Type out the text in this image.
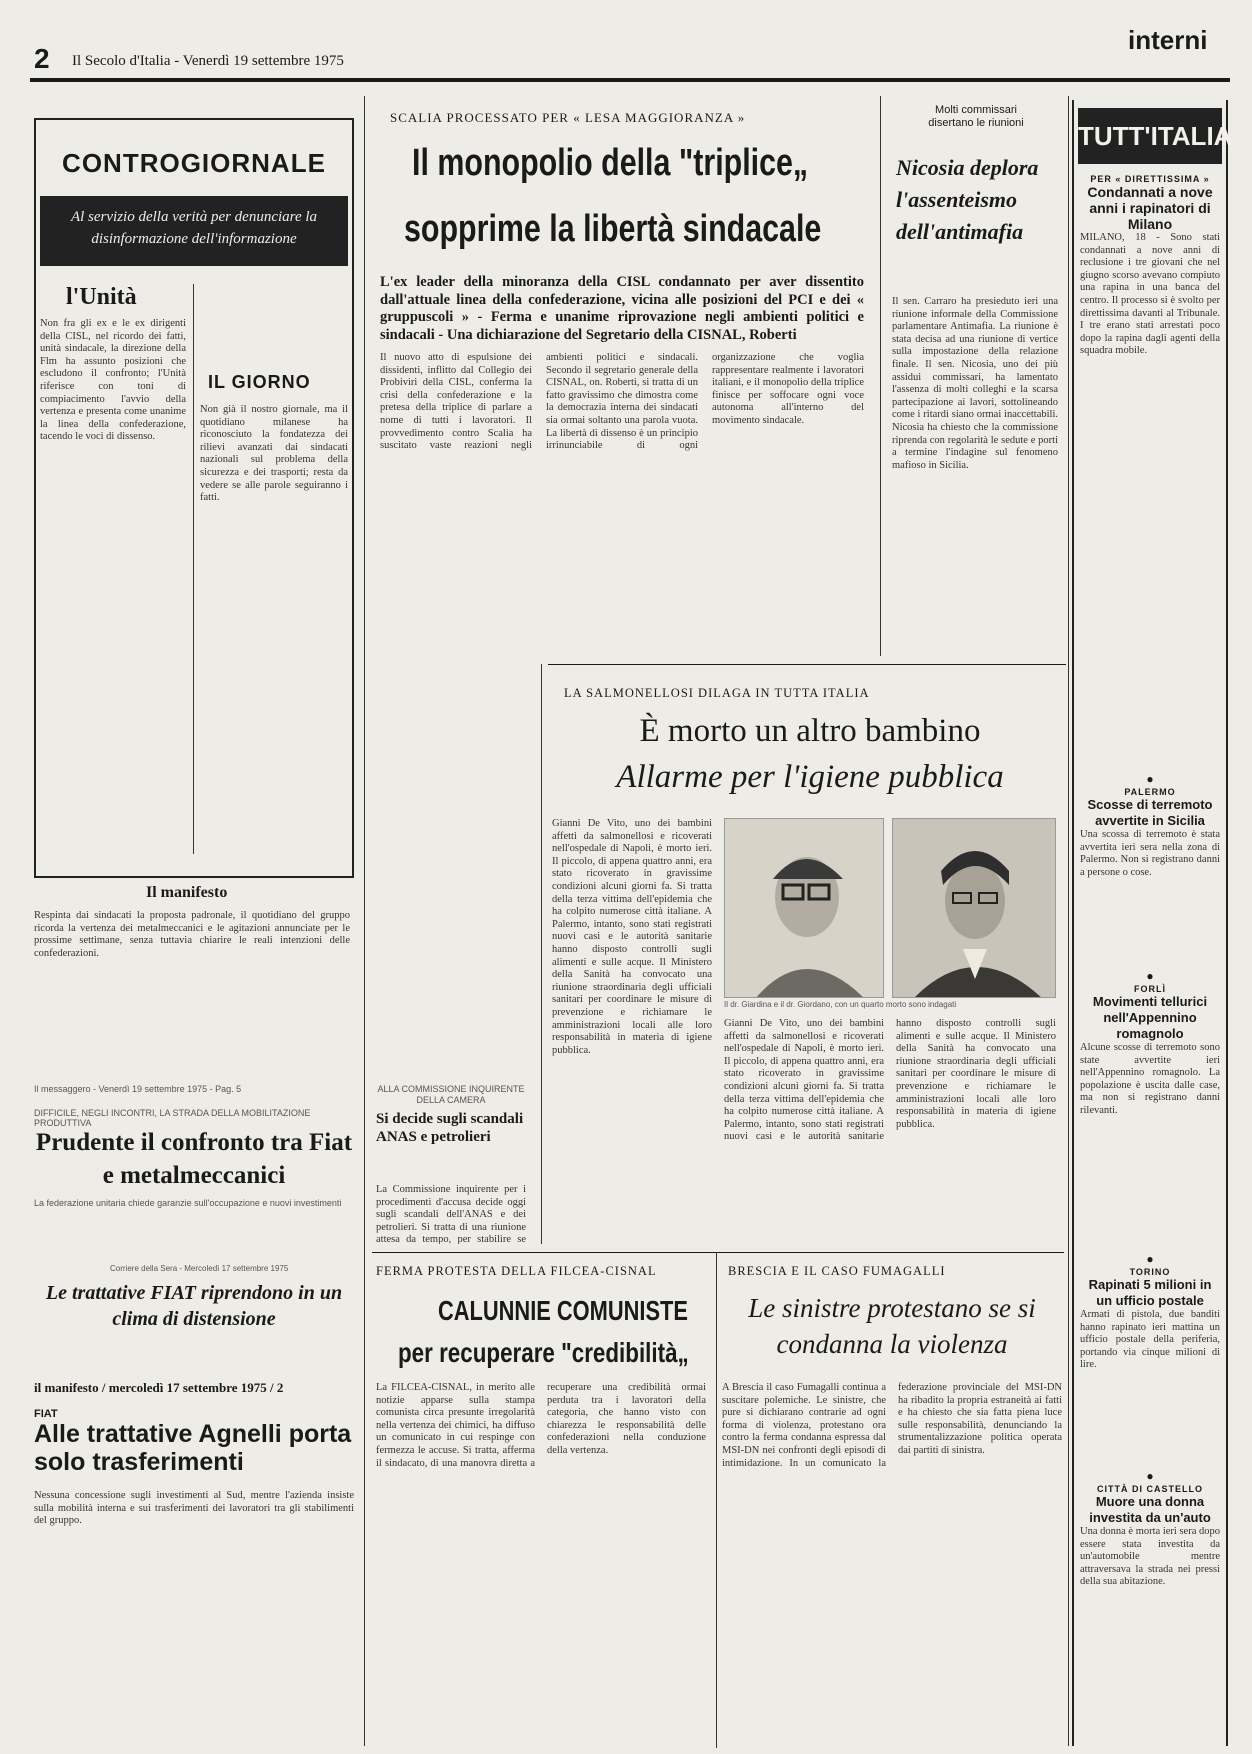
2 Il Secolo d'Italia - Venerdì 19 settembre 1975
interni
CONTROGIORNALE
Al servizio della verità per denunciare la disinformazione dell'informazione
l'Unità
Non fra gli ex e le ex dirigenti della CISL, nel ricordo dei fatti, unità sindacale, la direzione della Flm ha assunto posizioni che escludono il confronto; l'Unità riferisce con toni di compiacimento l'avvio della vertenza e presenta come unanime la linea della confederazione, tacendo le voci di dissenso.
IL GIORNO
Non già il nostro giornale, ma il quotidiano milanese ha riconosciuto la fondatezza dei rilievi avanzati dai sindacati nazionali sul problema della sicurezza e dei trasporti; resta da vedere se alle parole seguiranno i fatti.
Il manifesto
Respinta dai sindacati la proposta padronale, il quotidiano del gruppo ricorda la vertenza dei metalmeccanici e le agitazioni annunciate per le prossime settimane, senza tuttavia chiarire le reali intenzioni delle confederazioni.
Il messaggero - Venerdì 19 settembre 1975 - Pag. 5
DIFFICILE, NEGLI INCONTRI, LA STRADA DELLA MOBILITAZIONE PRODUTTIVA
Prudente il confronto tra Fiat e metalmeccanici
La federazione unitaria chiede garanzie sull'occupazione e nuovi investimenti
Corriere della Sera - Mercoledì 17 settembre 1975
Le trattative FIAT riprendono in un clima di distensione
il manifesto / mercoledì 17 settembre 1975 / 2
FIAT
Alle trattative Agnelli porta solo trasferimenti
Nessuna concessione sugli investimenti al Sud, mentre l'azienda insiste sulla mobilità interna e sui trasferimenti dei lavoratori tra gli stabilimenti del gruppo.
SCALIA PROCESSATO PER « LESA MAGGIORANZA »
Il monopolio della "triplice„
sopprime la libertà sindacale
L'ex leader della minoranza della CISL condannato per aver dissentito dall'attuale linea della confederazione, vicina alle posizioni del PCI e dei « gruppuscoli » - Ferma e unanime riprovazione negli ambienti politici e sindacali - Una dichiarazione del Segretario della CISNAL, Roberti
Il nuovo atto di espulsione dei dissidenti, inflitto dal Collegio dei Probiviri della CISL, conferma la crisi della confederazione e la pretesa della triplice di parlare a nome di tutti i lavoratori. Il provvedimento contro Scalia ha suscitato vaste reazioni negli ambienti politici e sindacali. Secondo il segretario generale della CISNAL, on. Roberti, si tratta di un fatto gravissimo che dimostra come la democrazia interna dei sindacati sia ormai soltanto una parola vuota. La libertà di dissenso è un principio irrinunciabile di ogni organizzazione che voglia rappresentare realmente i lavoratori italiani, e il monopolio della triplice finisce per soffocare ogni voce autonoma all'interno del movimento sindacale.
Molti commissari disertano le riunioni
Nicosia deplora l'assenteismo dell'antimafia
Il sen. Carraro ha presieduto ieri una riunione informale della Commissione parlamentare Antimafia. La riunione è stata decisa ad una riunione di vertice sulla impostazione della relazione finale. Il sen. Nicosia, uno dei più assidui commissari, ha lamentato l'assenza di molti colleghi e la scarsa partecipazione ai lavori, sottolineando come i ritardi siano ormai inaccettabili. Nicosia ha chiesto che la commissione riprenda con regolarità le sedute e porti a termine l'indagine sul fenomeno mafioso in Sicilia.
LA SALMONELLOSI DILAGA IN TUTTA ITALIA
È morto un altro bambino
Allarme per l'igiene pubblica
Gianni De Vito, uno dei bambini affetti da salmonellosi e ricoverati nell'ospedale di Napoli, è morto ieri. Il piccolo, di appena quattro anni, era stato ricoverato in gravissime condizioni alcuni giorni fa. Si tratta della terza vittima dell'epidemia che ha colpito numerose città italiane. A Palermo, intanto, sono stati registrati nuovi casi e le autorità sanitarie hanno disposto controlli sugli alimenti e sulle acque. Il Ministero della Sanità ha convocato una riunione straordinaria degli ufficiali sanitari per coordinare le misure di prevenzione e richiamare le amministrazioni locali alle loro responsabilità in materia di igiene pubblica.
Il dr. Giardina e il dr. Giordano, con un quarto morto sono indagati
Gianni De Vito, uno dei bambini affetti da salmonellosi e ricoverati nell'ospedale di Napoli, è morto ieri. Il piccolo, di appena quattro anni, era stato ricoverato in gravissime condizioni alcuni giorni fa. Si tratta della terza vittima dell'epidemia che ha colpito numerose città italiane. A Palermo, intanto, sono stati registrati nuovi casi e le autorità sanitarie hanno disposto controlli sugli alimenti e sulle acque. Il Ministero della Sanità ha convocato una riunione straordinaria degli ufficiali sanitari per coordinare le misure di prevenzione e richiamare le amministrazioni locali alle loro responsabilità in materia di igiene pubblica.
ALLA COMMISSIONE INQUIRENTE DELLA CAMERA
Si decide sugli scandali ANAS e petrolieri
La Commissione inquirente per i procedimenti d'accusa decide oggi sugli scandali dell'ANAS e dei petrolieri. Si tratta di una riunione attesa da tempo, per stabilire se
FERMA PROTESTA DELLA FILCEA-CISNAL
CALUNNIE COMUNISTE
per recuperare "credibilità„
La FILCEA-CISNAL, in merito alle notizie apparse sulla stampa comunista circa presunte irregolarità nella vertenza dei chimici, ha diffuso un comunicato in cui respinge con fermezza le accuse. Si tratta, afferma il sindacato, di una manovra diretta a recuperare una credibilità ormai perduta tra i lavoratori della categoria, che hanno visto con chiarezza le responsabilità delle confederazioni nella conduzione della vertenza.
BRESCIA E IL CASO FUMAGALLI
Le sinistre protestano se si condanna la violenza
A Brescia il caso Fumagalli continua a suscitare polemiche. Le sinistre, che pure si dichiarano contrarie ad ogni forma di violenza, protestano ora contro la ferma condanna espressa dal MSI-DN nei confronti degli episodi di intimidazione. In un comunicato la federazione provinciale del MSI-DN ha ribadito la propria estraneità ai fatti e ha chiesto che sia fatta piena luce sulle responsabilità, denunciando la strumentalizzazione politica operata dai partiti di sinistra.
TUTT'ITALIA
PER « DIRETTISSIMA »
Condannati a nove anni i rapinatori di Milano
MILANO, 18 - Sono stati condannati a nove anni di reclusione i tre giovani che nel giugno scorso avevano compiuto una rapina in una banca del centro. Il processo si è svolto per direttissima davanti al Tribunale. I tre erano stati arrestati poco dopo la rapina dagli agenti della squadra mobile.
●
PALERMO
Scosse di terremoto avvertite in Sicilia
Una scossa di terremoto è stata avvertita ieri sera nella zona di Palermo. Non si registrano danni a persone o cose.
●
FORLÌ
Movimenti tellurici nell'Appennino romagnolo
Alcune scosse di terremoto sono state avvertite ieri nell'Appennino romagnolo. La popolazione è uscita dalle case, ma non si registrano danni rilevanti.
●
TORINO
Rapinati 5 milioni in un ufficio postale
Armati di pistola, due banditi hanno rapinato ieri mattina un ufficio postale della periferia, portando via cinque milioni di lire.
●
CITTÀ DI CASTELLO
Muore una donna investita da un'auto
Una donna è morta ieri sera dopo essere stata investita da un'automobile mentre attraversava la strada nei pressi della sua abitazione.
